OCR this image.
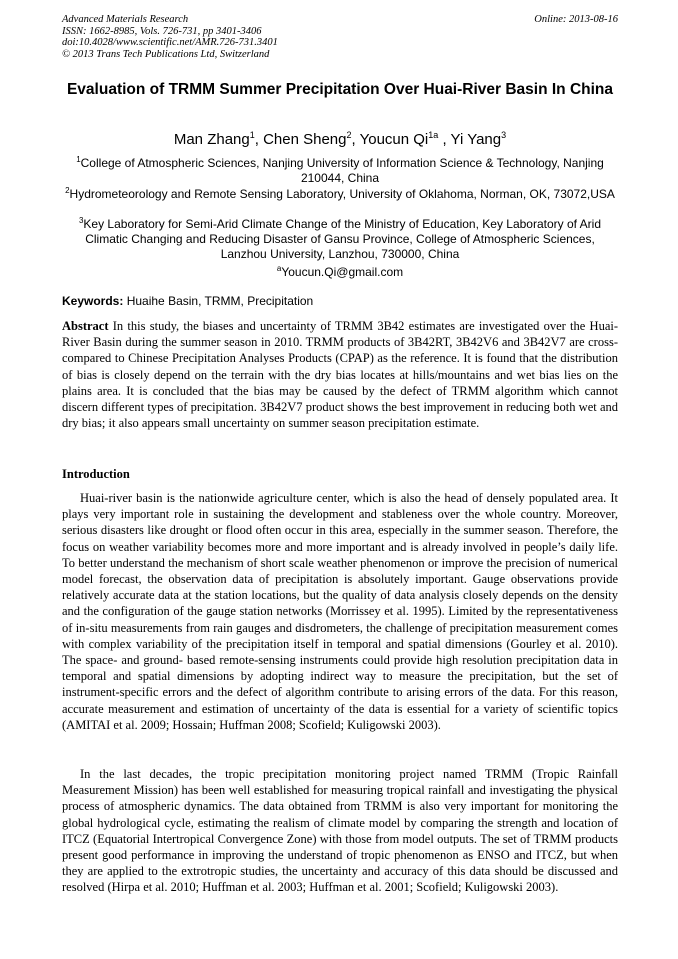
Advanced Materials Research
ISSN: 1662-8985, Vols. 726-731, pp 3401-3406
doi:10.4028/www.scientific.net/AMR.726-731.3401
© 2013 Trans Tech Publications Ltd, Switzerland
Online: 2013-08-16
Evaluation of TRMM Summer Precipitation Over Huai-River Basin In China
Man Zhang$^1$, Chen Sheng$^2$, Youcun $Qi^{1a}$ , Yi Yang$^3$
$^1$College of Atmospheric Sciences, Nanjing University of Information Science & Technology, Nanjing 210044, China
$^2$Hydrometeorology and Remote Sensing Laboratory, University of Oklahoma, Norman, OK, 73072,USA
$^3$Key Laboratory for Semi-Arid Climate Change of the Ministry of Education, Key Laboratory of Arid Climatic Changing and Reducing Disaster of Gansu Province, College of Atmospheric Sciences, Lanzhou University, Lanzhou, 730000, China
$^a$Youcun.Qi@gmail.com
Keywords: Huaihe Basin, TRMM, Precipitation
Abstract In this study, the biases and uncertainty of TRMM 3B42 estimates are investigated over the Huai-River Basin during the summer season in 2010. TRMM products of 3B42RT, 3B42V6 and 3B42V7 are cross-compared to Chinese Precipitation Analyses Products (CPAP) as the reference. It is found that the distribution of bias is closely depend on the terrain with the dry bias locates at hills/mountains and wet bias lies on the plains area. It is concluded that the bias may be caused by the defect of TRMM algorithm which cannot discern different types of precipitation. 3B42V7 product shows the best improvement in reducing both wet and dry bias; it also appears small uncertainty on summer season precipitation estimate.
Introduction
Huai-river basin is the nationwide agriculture center, which is also the head of densely populated area. It plays very important role in sustaining the development and stableness over the whole country. Moreover, serious disasters like drought or flood often occur in this area, especially in the summer season. Therefore, the focus on weather variability becomes more and more important and is already involved in people’s daily life. To better understand the mechanism of short scale weather phenomenon or improve the precision of numerical model forecast, the observation data of precipitation is absolutely important. Gauge observations provide relatively accurate data at the station locations, but the quality of data analysis closely depends on the density and the configuration of the gauge station networks (Morrissey et al. 1995). Limited by the representativeness of in-situ measurements from rain gauges and disdrometers, the challenge of precipitation measurement comes with complex variability of the precipitation itself in temporal and spatial dimensions (Gourley et al. 2010). The space- and ground- based remote-sensing instruments could provide high resolution precipitation data in temporal and spatial dimensions by adopting indirect way to measure the precipitation, but the set of instrument-specific errors and the defect of algorithm contribute to arising errors of the data. For this reason, accurate measurement and estimation of uncertainty of the data is essential for a variety of scientific topics (AMITAI et al. 2009; Hossain; Huffman 2008; Scofield; Kuligowski 2003).
In the last decades, the tropic precipitation monitoring project named TRMM (Tropic Rainfall Measurement Mission) has been well established for measuring tropical rainfall and investigating the physical process of atmospheric dynamics. The data obtained from TRMM is also very important for monitoring the global hydrological cycle, estimating the realism of climate model by comparing the strength and location of ITCZ (Equatorial Intertropical Convergence Zone) with those from model outputs. The set of TRMM products present good performance in improving the understand of tropic phenomenon as ENSO and ITCZ, but when they are applied to the extrotropic studies, the uncertainty and accuracy of this data should be discussed and resolved (Hirpa et al. 2010; Huffman et al. 2003; Huffman et al. 2001; Scofield; Kuligowski 2003).
